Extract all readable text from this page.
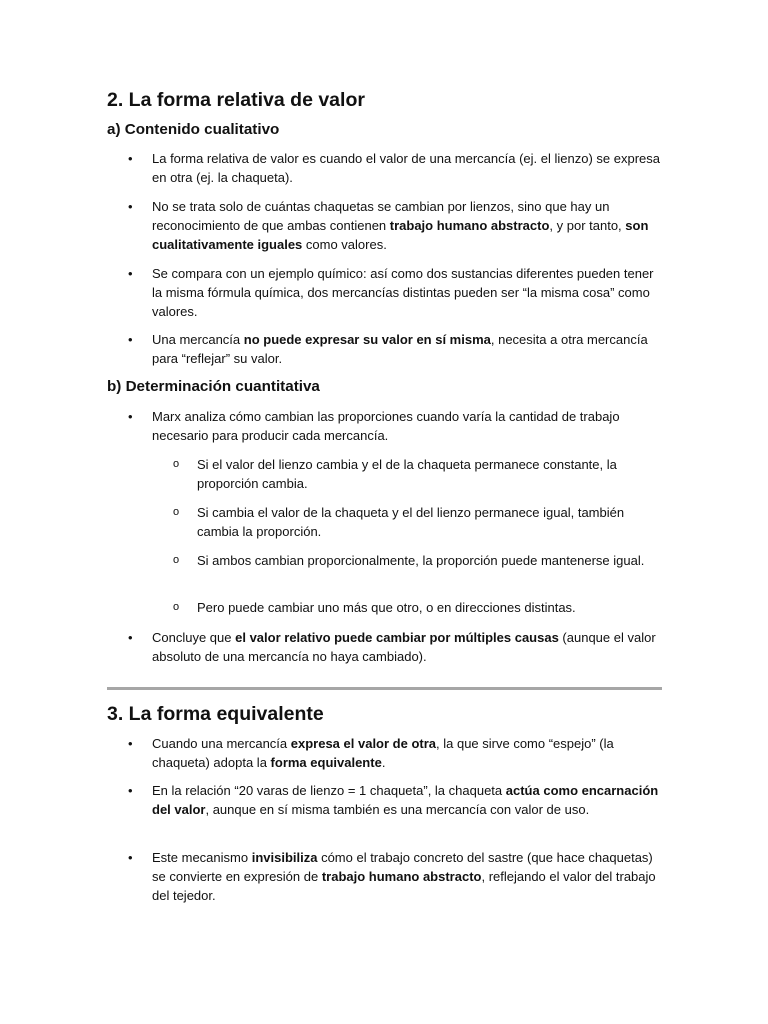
2. La forma relativa de valor
a) Contenido cualitativo
• La forma relativa de valor es cuando el valor de una mercancía (ej. el lienzo) se expresa en otra (ej. la chaqueta).

• No se trata solo de cuántas chaquetas se cambian por lienzos, sino que hay un reconocimiento de que ambas contienen trabajo humano abstracto, y por tanto, son cualitativamente iguales como valores.

• Se compara con un ejemplo químico: así como dos sustancias diferentes pueden tener la misma fórmula química, dos mercancías distintas pueden ser “la misma cosa” como valores.

• Una mercancía no puede expresar su valor en sí misma, necesita a otra mercancía para “reflejar” su valor.

b) Determinación cuantitativa
• Marx analiza cómo cambian las proporciones cuando varía la cantidad de trabajo necesario para producir cada mercancía.

o Si el valor del lienzo cambia y el de la chaqueta permanece constante, la proporción cambia.

o Si cambia el valor de la chaqueta y el del lienzo permanece igual, también cambia la proporción.

o Si ambos cambian proporcionalmente, la proporción puede mantenerse igual.

o Pero puede cambiar uno más que otro, o en direcciones distintas.

• Concluye que el valor relativo puede cambiar por múltiples causas (aunque el valor absoluto de una mercancía no haya cambiado).

3. La forma equivalente
• Cuando una mercancía expresa el valor de otra, la que sirve como “espejo” (la chaqueta) adopta la forma equivalente.

• En la relación “20 varas de lienzo = 1 chaqueta”, la chaqueta actúa como encarnación del valor, aunque en sí misma también es una mercancía con valor de uso.

• Este mecanismo invisibiliza cómo el trabajo concreto del sastre (que hace chaquetas) se convierte en expresión de trabajo humano abstracto, reflejando el valor del trabajo del tejedor.
